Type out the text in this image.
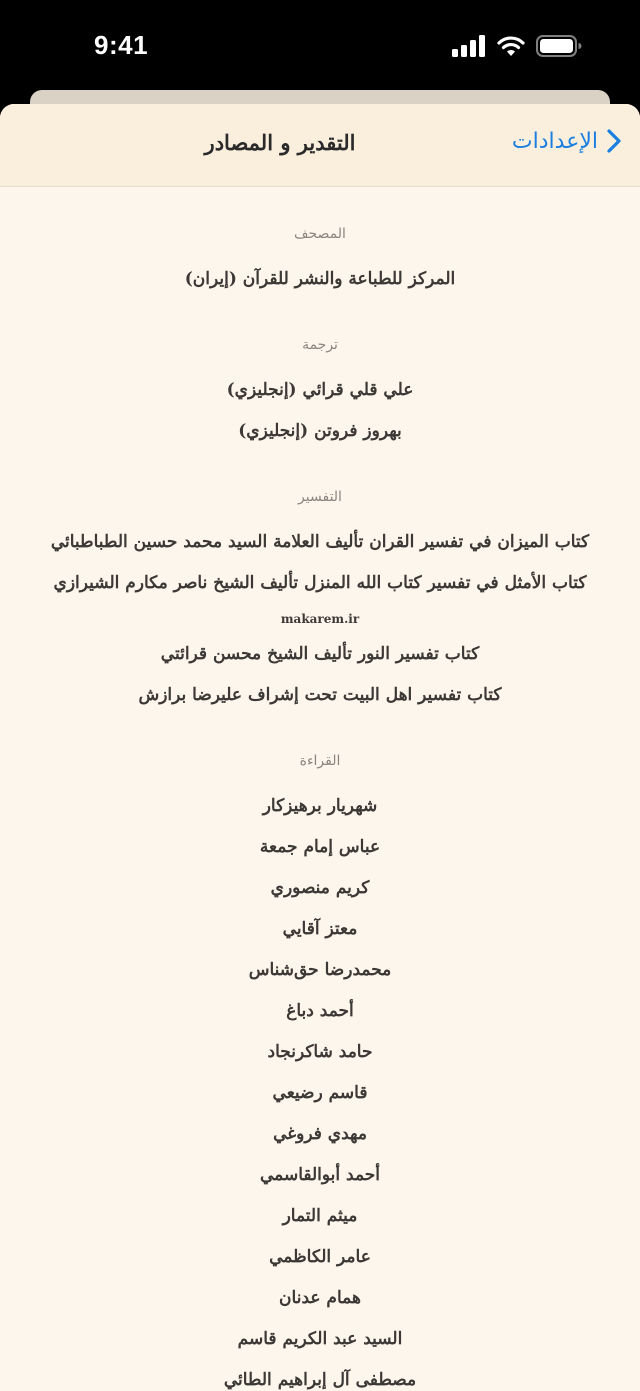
9:41
الإعدادات
التقدير و المصادر
المصحف
المركز للطباعة والنشر للقرآن (إيران)
ترجمة
علي قلي قرائي (إنجليزي)
بهروز فروتن (إنجليزي)
التفسير
كتاب الميزان في تفسير القران تأليف العلامة السيد محمد حسين الطباطبائي
كتاب الأمثل في تفسير كتاب الله المنزل تأليف الشيخ ناصر مكارم الشيرازي
makarem.ir
كتاب تفسير النور تأليف الشيخ محسن قرائتي
كتاب تفسير اهل البيت تحت إشراف عليرضا برازش
القراءة
شهريار برهيزكار
عباس إمام جمعة
كريم منصوري
معتز آقايي
محمدرضا حق‌شناس
أحمد دباغ
حامد شاكرنجاد
قاسم رضيعي
مهدي فروغي
أحمد أبوالقاسمي
ميثم التمار
عامر الكاظمي
همام عدنان
السيد عبد الكريم قاسم
مصطفى آل إبراهيم الطائي
